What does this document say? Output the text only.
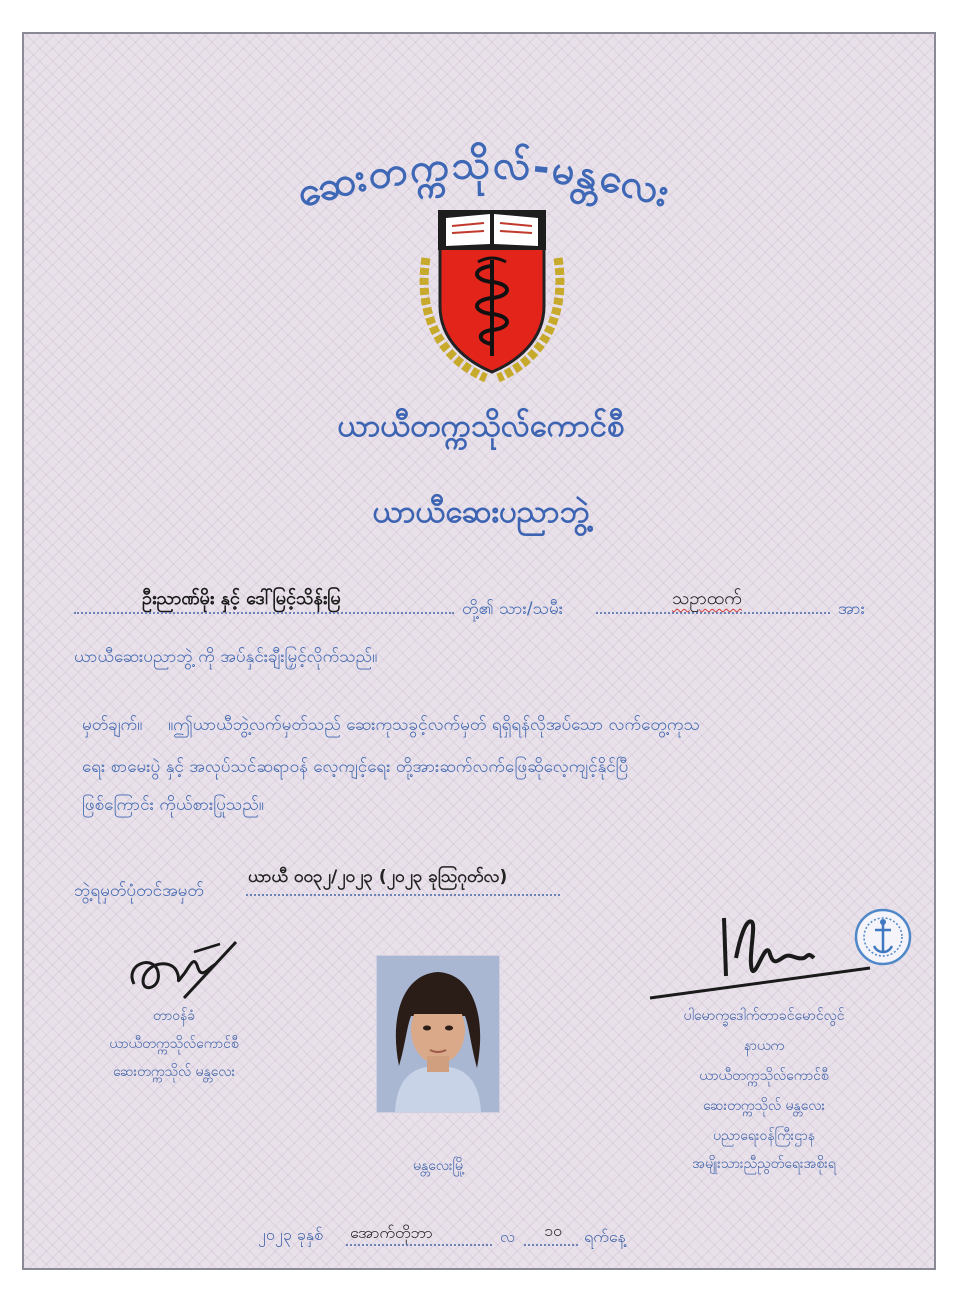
ဆေးတက္ကသိုလ်-မန္တလေး
ယာယီတက္ကသိုလ်ကောင်စီ
ယာယီဆေးပညာဘွဲ့
ဦးညာဏ်မိုး နှင့် ဒေါ်မြင့်သိန်းမြ	တို့၏ သား/သမီး	သဥာထက်	အား
ယာယီဆေးပညာဘွဲ့ ကို အပ်နှင်းချီးမြှင့်လိုက်သည်။
မှတ်ချက်။ ။ဤယာယီဘွဲ့လက်မှတ်သည် ဆေးကုသခွင့်လက်မှတ် ရရှိရန်လိုအပ်သော လက်တွေ့ကုသ
ရေး စာမေးပွဲ နှင့် အလုပ်သင်ဆရာဝန် လေ့ကျင့်ရေး တို့အားဆက်လက်ဖြေဆိုလေ့ကျင့်နိုင်ပြီ
ဖြစ်ကြောင်း ကိုယ်စားပြုသည်။
ဘွဲ့ရမှတ်ပုံတင်အမှတ်
ယာယီ ၀၀၃၂/၂၀၂၃ (၂၀၂၃ ခုဩဂုတ်လ)
တာဝန်ခံ
ယာယီတက္ကသိုလ်ကောင်စီ
ဆေးတက္ကသိုလ် မန္တလေး
မန္တလေးမြို့
ပါမောက္ခဒေါက်တာခင်မောင်လွင်
နာယက
ယာယီတက္ကသိုလ်ကောင်စီ
ဆေးတက္ကသိုလ် မန္တလေး
ပညာရေးဝန်ကြီးဌာန
အမျိုးသားညီညွတ်ရေးအစိုးရ
၂၀၂၃ ခုနှစ် အောက်တိုဘာ	လ ၁၀ ရက်နေ့
